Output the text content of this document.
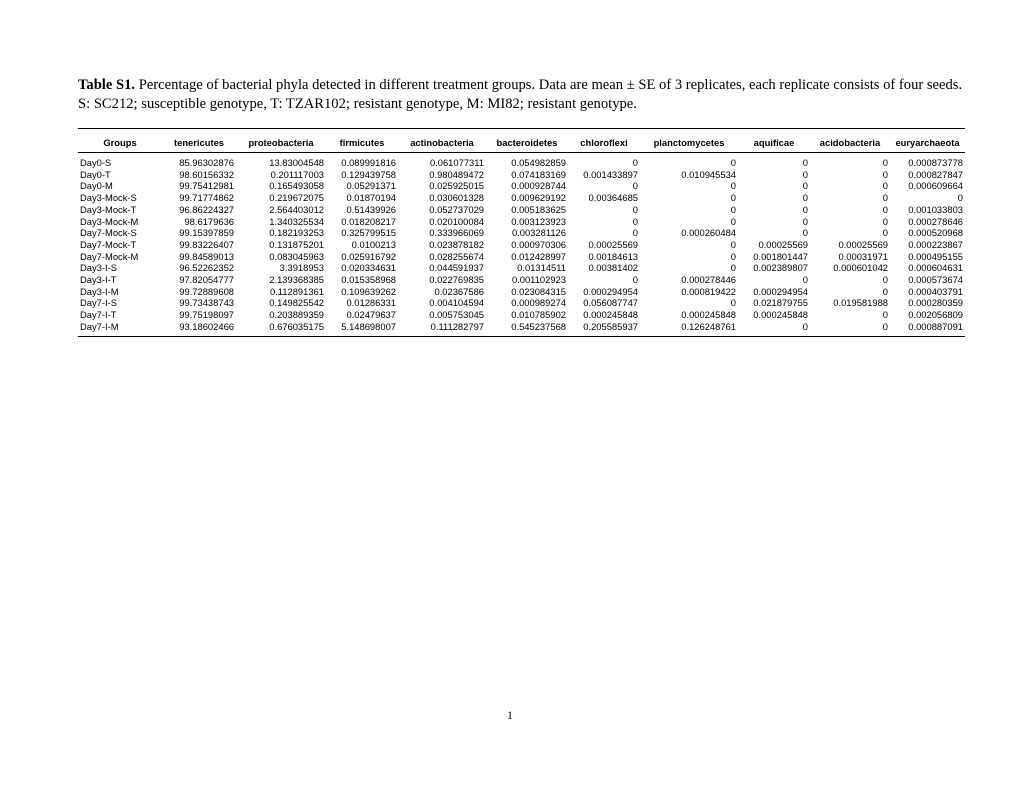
Table S1. Percentage of bacterial phyla detected in different treatment groups. Data are mean ± SE of 3 replicates, each replicate consists of four seeds. S: SC212; susceptible genotype, T: TZAR102; resistant genotype, M: MI82; resistant genotype.
Groups	tenericutes	proteobacteria	firmicutes	actinobacteria	bacteroidetes	chloroflexi	planctomycetes	aquificae	acidobacteria	euryarchaeota
Day0-S	85.96302876	13.83004548	0.089991816	0.061077311	0.054982859	0	0	0	0	0.000873778
Day0-T	98.60156332	0.201117003	0.129439758	0.980489472	0.074183169	0.001433897	0.010945534	0	0	0.000827847
Day0-M	99.75412981	0.165493058	0.05291371	0.025925015	0.000928744	0	0	0	0	0.000609664
Day3-Mock-S	99.71774862	0.219672075	0.01870194	0.030601328	0.009629192	0.00364685	0	0	0	0
Day3-Mock-T	96.86224327	2.564403012	0.51439926	0.052737029	0.005183625	0	0	0	0	0.001033803
Day3-Mock-M	98.6179636	1.340325534	0.018208217	0.020100084	0.003123923	0	0	0	0	0.000278646
Day7-Mock-S	99.15397859	0.182193253	0.325799515	0.333966069	0.003281126	0	0.000260484	0	0	0.000520968
Day7-Mock-T	99.83226407	0.131875201	0.0100213	0.023878182	0.000970306	0.00025569	0	0.00025569	0.00025569	0.000223867
Day7-Mock-M	99.84589013	0.083045963	0.025916792	0.028255674	0.012428997	0.00184613	0	0.001801447	0.00031971	0.000495155
Day3-I-S	96.52262352	3.3918953	0.020334631	0.044591937	0.01314511	0.00381402	0	0.002389807	0.000601042	0.000604631
Day3-I-T	97.82054777	2.139368385	0.015358968	0.022769835	0.001102923	0	0.000278446	0	0	0.000573674
Day3-I-M	99.72889608	0.112891361	0.109639262	0.02367586	0.023084315	0.000294954	0.000819422	0.000294954	0	0.000403791
Day7-I-S	99.73438743	0.149825542	0.01286331	0.004104594	0.000989274	0.056087747	0	0.021879755	0.019581988	0.000280359
Day7-I-T	99.75198097	0.203889359	0.02479637	0.005753045	0.010785902	0.000245848	0.000245848	0.000245848	0	0.002056809
Day7-I-M	93.18602466	0.676035175	5.148698007	0.111282797	0.545237568	0.205585937	0.126248761	0	0	0.000887091
1
